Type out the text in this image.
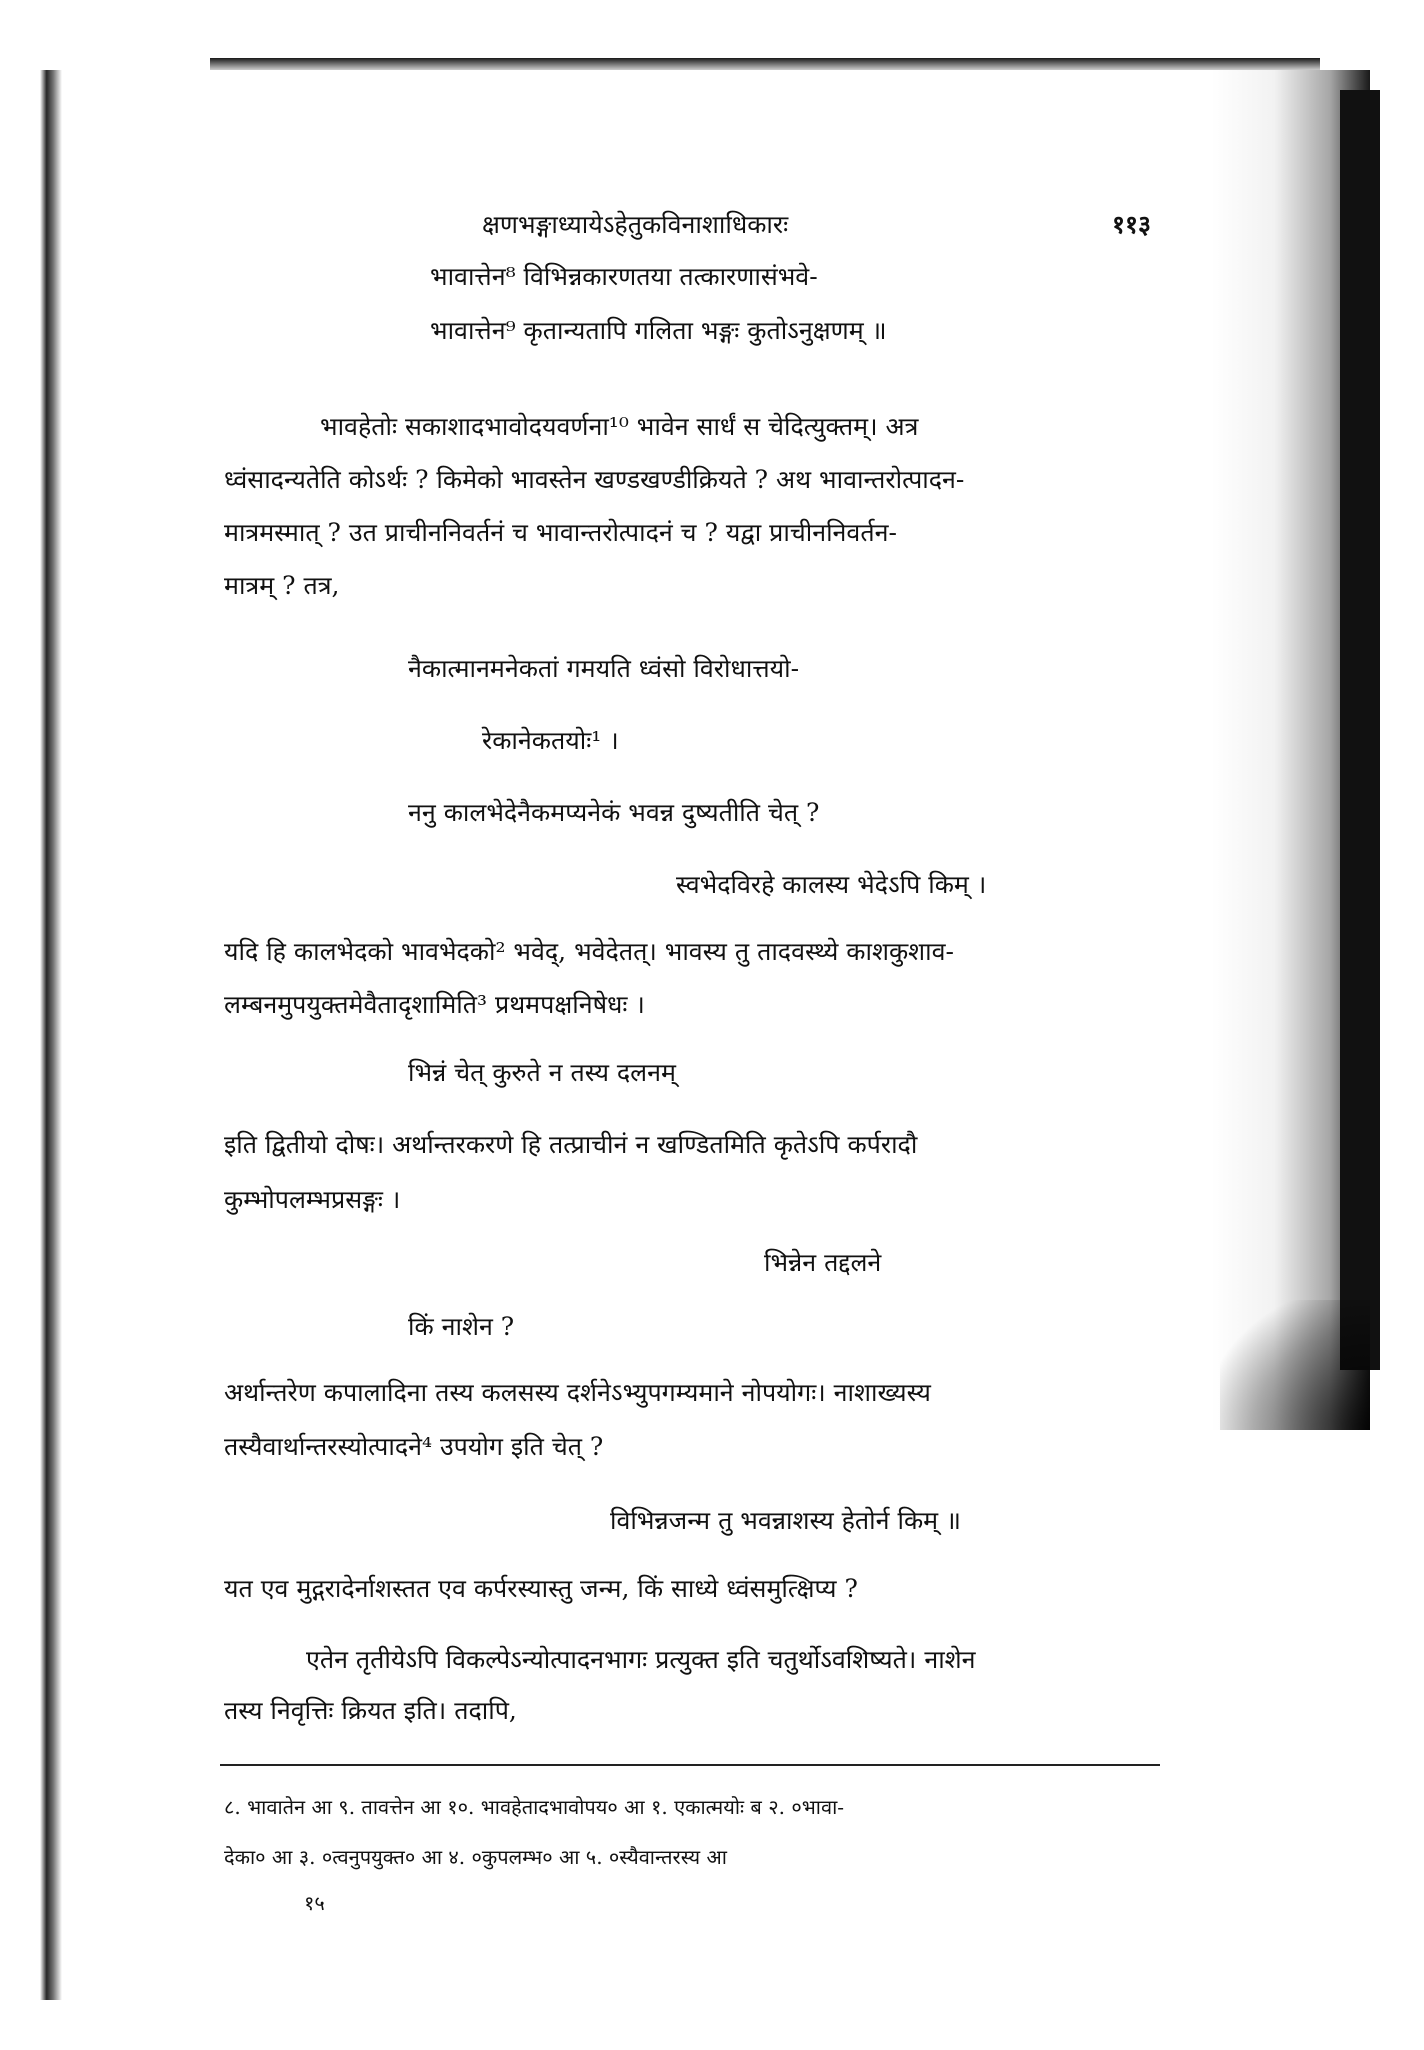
क्षणभङ्गाध्यायेऽहेतुकविनाशाधिकारः	११३
भावात्तेन⁸ विभिन्नकारणतया तत्कारणासंभवे-
भावात्तेन⁹ कृतान्यतापि गलिता भङ्गः कुतोऽनुक्षणम् ॥
भावहेतोः सकाशादभावोदयवर्णना¹⁰ भावेन सार्धं स चेदित्युक्तम्। अत्र
ध्वंसादन्यतेति कोऽर्थः ? किमेको भावस्तेन खण्डखण्डीक्रियते ? अथ भावान्तरोत्पादन-
मात्रमस्मात् ? उत प्राचीननिवर्तनं च भावान्तरोत्पादनं च ? यद्वा प्राचीननिवर्तन-
मात्रम् ? तत्र,
नैकात्मानमनेकतां गमयति ध्वंसो विरोधात्तयो-
रेकानेकतयोः¹ ।
ननु कालभेदेनैकमप्यनेकं भवन्न दुष्यतीति चेत् ?
स्वभेदविरहे कालस्य भेदेऽपि किम् ।
यदि हि कालभेदको भावभेदको² भवेद्, भवेदेतत्। भावस्य तु तादवस्थ्ये काशकुशाव-
लम्बनमुपयुक्तमेवैतादृशामिति³ प्रथमपक्षनिषेधः ।
भिन्नं चेत् कुरुते न तस्य दलनम्
इति द्वितीयो दोषः। अर्थान्तरकरणे हि तत्प्राचीनं न खण्डितमिति कृतेऽपि कर्परादौ
कुम्भोपलम्भप्रसङ्गः ।
भिन्नेन तद्दलने
किं नाशेन ?
अर्थान्तरेण कपालादिना तस्य कलसस्य दर्शनेऽभ्युपगम्यमाने नोपयोगः। नाशाख्यस्य
तस्यैवार्थान्तरस्योत्पादने⁴ उपयोग इति चेत् ?
विभिन्नजन्म तु भवन्नाशस्य हेतोर्न किम् ॥
यत एव मुद्गरादेर्नाशस्तत एव कर्परस्यास्तु जन्म, किं साध्ये ध्वंसमुत्क्षिप्य ?
एतेन तृतीयेऽपि विकल्पेऽन्योत्पादनभागः प्रत्युक्त इति चतुर्थोऽवशिष्यते। नाशेन
तस्य निवृत्तिः क्रियत इति। तदापि,
८. भावातेन आ ९. तावत्तेन आ १०. भावहेतादभावोपय० आ १. एकात्मयोः ब २. ०भावा-
देका० आ ३. ०त्वनुपयुक्त० आ ४. ०कुपलम्भ० आ ५. ०स्यैवान्तरस्य आ
१५
